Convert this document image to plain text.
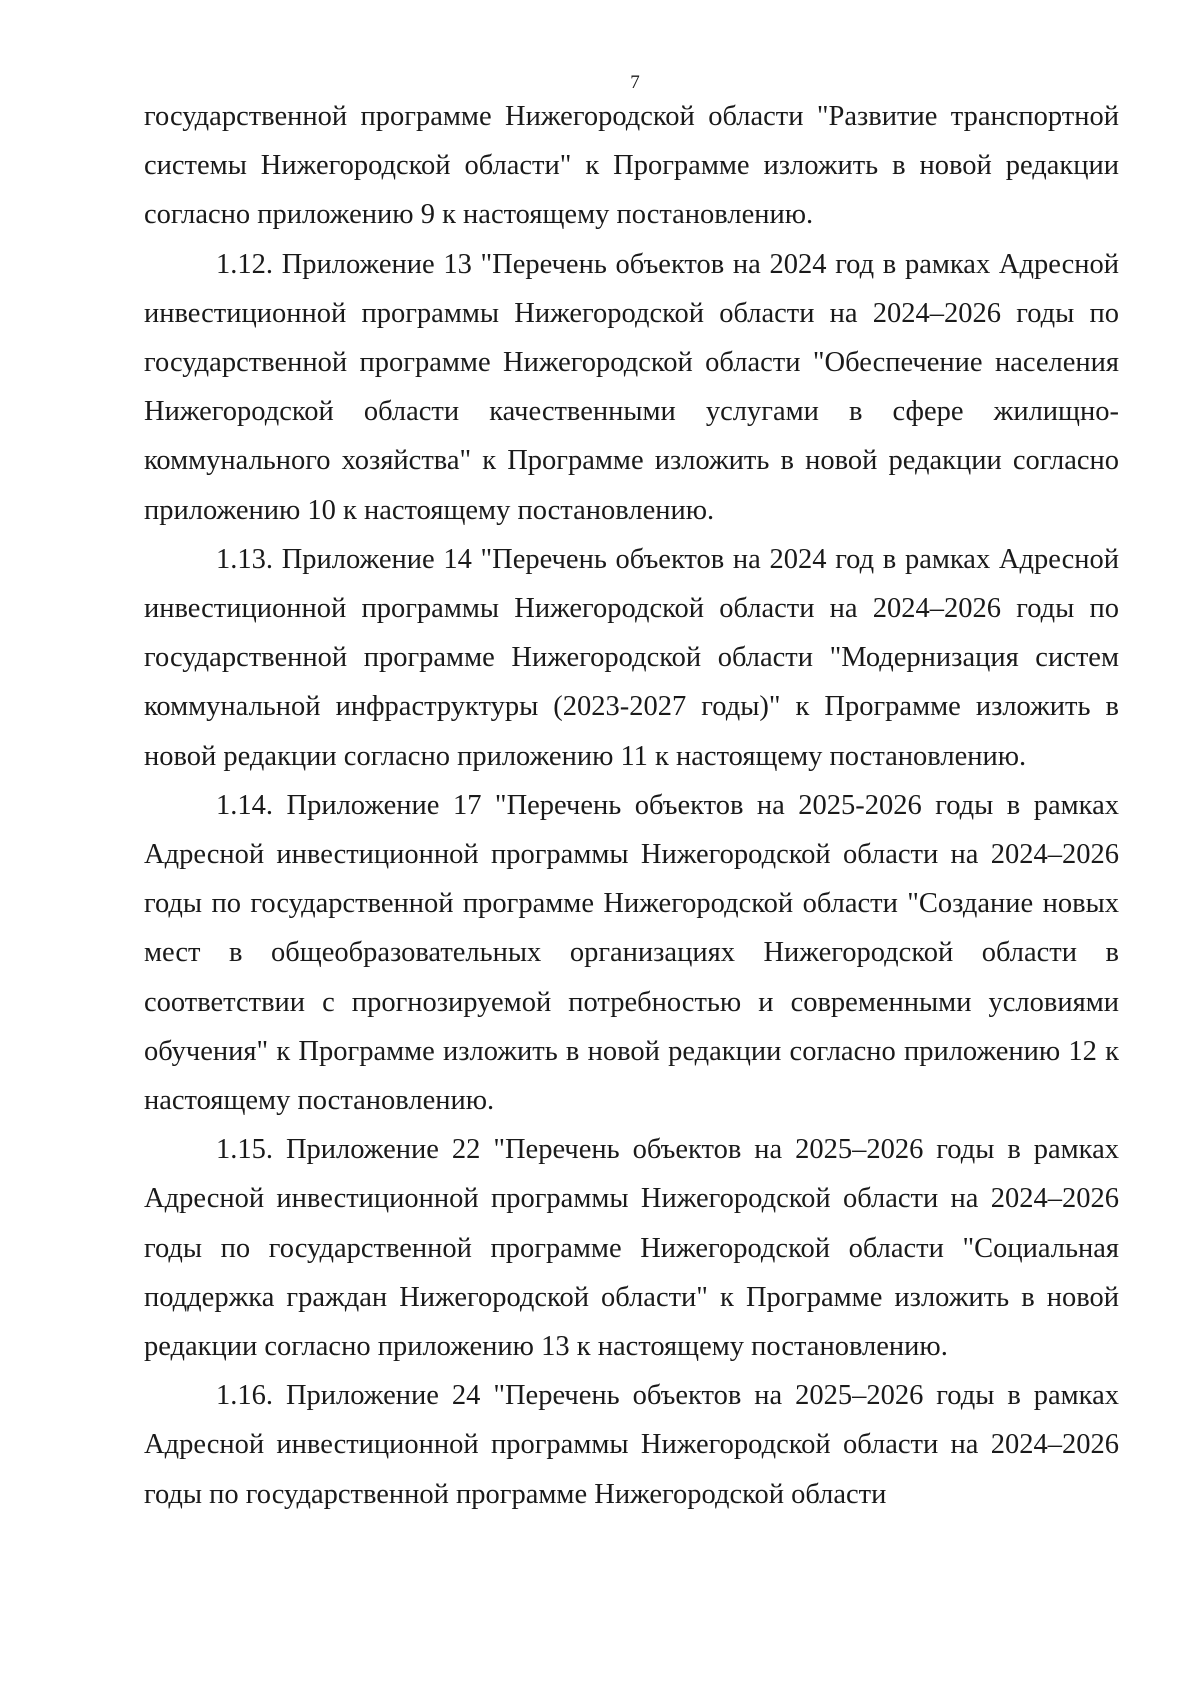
7

государственной программе Нижегородской области "Развитие транспортной системы Нижегородской области" к Программе изложить в новой редакции согласно приложению 9 к настоящему постановлению.

1.12. Приложение 13 "Перечень объектов на 2024 год в рамках Адресной инвестиционной программы Нижегородской области на 2024–2026 годы по государственной программе Нижегородской области "Обеспечение населения Нижегородской области качественными услугами в сфере жилищно-коммунального хозяйства" к Программе изложить в новой редакции согласно приложению 10 к настоящему постановлению.

1.13. Приложение 14 "Перечень объектов на 2024 год в рамках Адресной инвестиционной программы Нижегородской области на 2024–2026 годы по государственной программе Нижегородской области "Модернизация систем коммунальной инфраструктуры (2023-2027 годы)" к Программе изложить в новой редакции согласно приложению 11 к настоящему постановлению.

1.14. Приложение 17 "Перечень объектов на 2025-2026 годы в рамках Адресной инвестиционной программы Нижегородской области на 2024–2026 годы по государственной программе Нижегородской области "Создание новых мест в общеобразовательных организациях Нижегородской области в соответствии с прогнозируемой потребностью и современными условиями обучения" к Программе изложить в новой редакции согласно приложению 12 к настоящему постановлению.

1.15. Приложение 22 "Перечень объектов на 2025–2026 годы в рамках Адресной инвестиционной программы Нижегородской области на 2024–2026 годы по государственной программе Нижегородской области "Социальная поддержка граждан Нижегородской области" к Программе изложить в новой редакции согласно приложению 13 к настоящему постановлению.

1.16. Приложение 24 "Перечень объектов на 2025–2026 годы в рамках Адресной инвестиционной программы Нижегородской области на 2024–2026 годы по государственной программе Нижегородской области
